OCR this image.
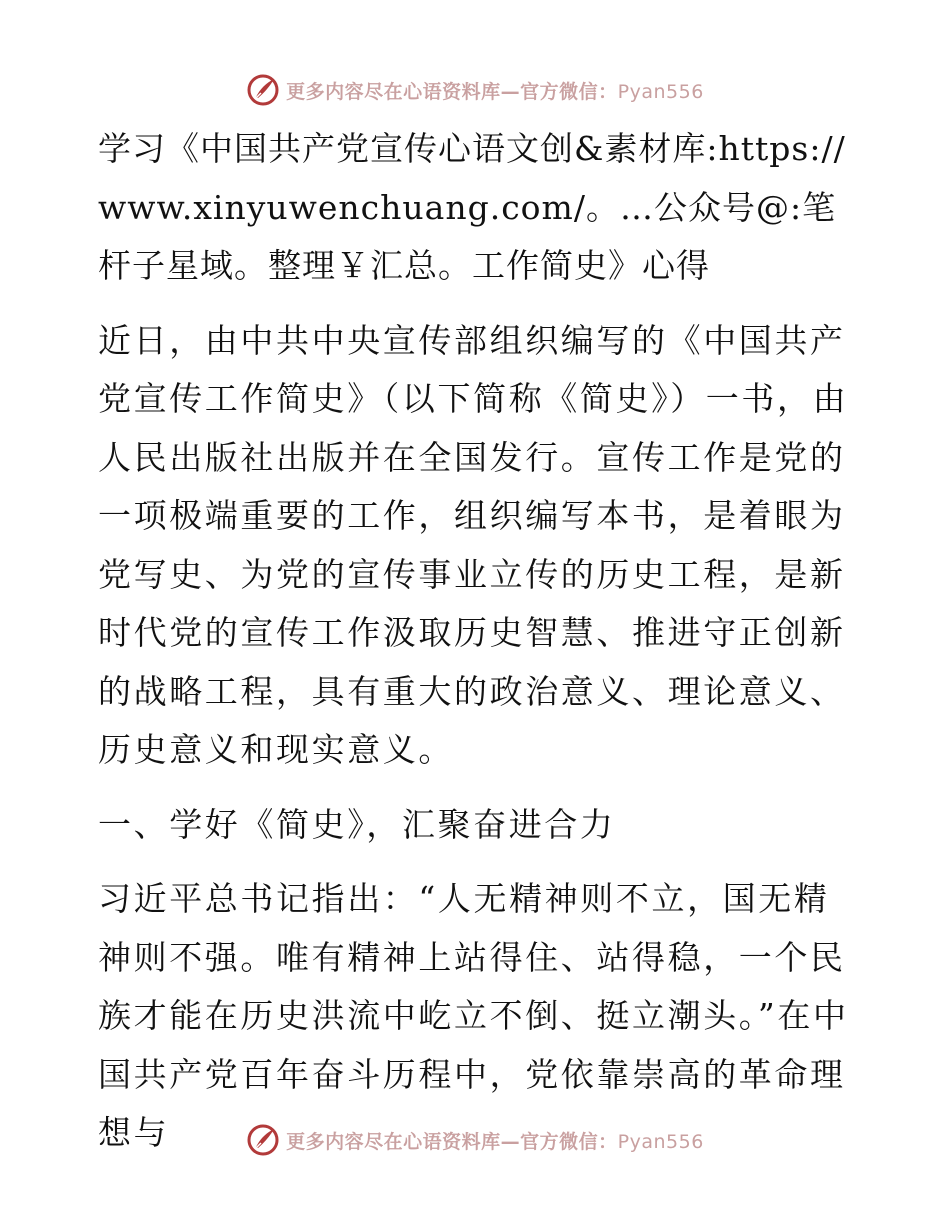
更多内容尽在心语资料库—官方微信：Pyan556

学习《中国共产党宣传心语文创&素材库:https://www.xinyuwenchuang.com/。…公众号@:笔杆子星域。整理￥汇总。工作简史》心得

近日，由中共中央宣传部组织编写的《中国共产党宣传工作简史》（以下简称《简史》）一书，由人民出版社出版并在全国发行。宣传工作是党的一项极端重要的工作，组织编写本书，是着眼为党写史、为党的宣传事业立传的历史工程，是新时代党的宣传工作汲取历史智慧、推进守正创新的战略工程，具有重大的政治意义、理论意义、历史意义和现实意义。

一、学好《简史》，汇聚奋进合力

习近平总书记指出：“人无精神则不立，国无精神则不强。唯有精神上站得住、站得稳，一个民族才能在历史洪流中屹立不倒、挺立潮头。”在中国共产党百年奋斗历程中，党依靠崇高的革命理想与	更多内容尽在心语资料库—官方微信：Pyan556
